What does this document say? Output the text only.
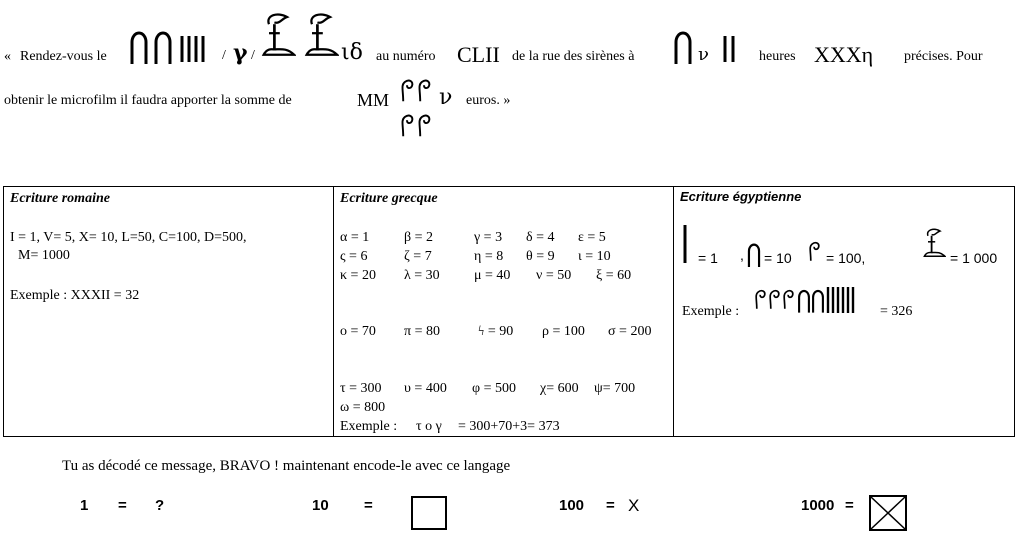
« Rendez-vous le	/ γ /	ιδ au numéro CLII de la rue des sirènes à	ν	heures XXXη précises. Pour
obtenir le microfilm il faudra apporter la somme de	MM ν euros. »
Ecriture romaine
I = 1, V= 5, X= 10, L=50, C=100, D=500,
M= 1000
Exemple : XXXII = 32
Ecriture grecque
α = 1 β = 2	γ = 3 δ = 4 ε = 5
ς = 6	ζ = 7	η = 8 θ = 9 ι = 10
κ = 20 λ = 30 μ = 40 ν = 50 ξ = 60
ο = 70 π = 80	ϟ = 90 ρ = 100 σ = 200
τ = 300 υ = 400 φ = 500 χ= 600 ψ= 700
ω = 800
Exemple : τ ο γ = 300+70+3= 373
Ecriture égyptienne
= 1 , = 10 = 100,	= 1 000
Exemple :	= 326
Tu as décodé ce message, BRAVO ! maintenant encode-le avec ce langage
1 = ?	10 =	100 = X	1000 =
